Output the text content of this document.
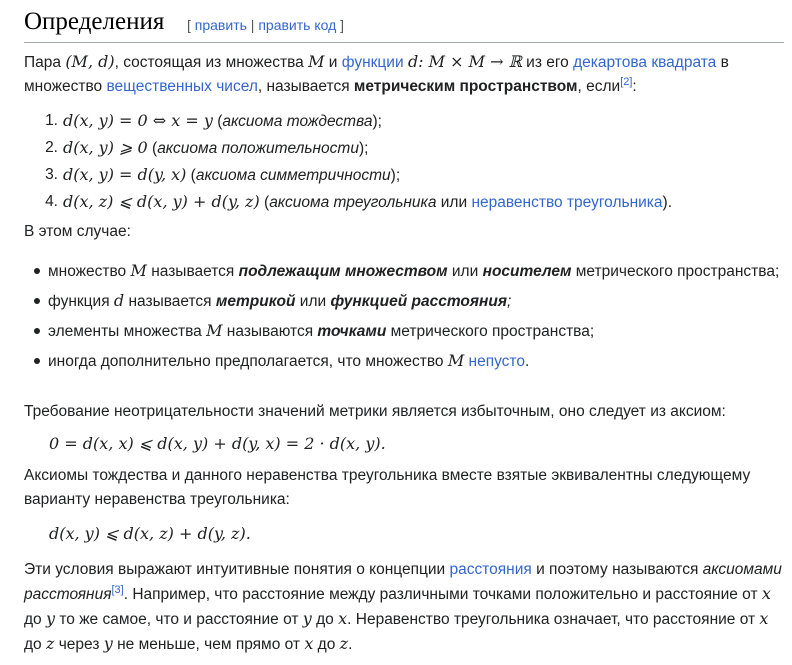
Определения [ править | править код ]

Пара (M, d), состоящая из множества M и функции d: M × M → ℝ из его декартова квадрата в множество вещественных чисел, называется метрическим пространством, если[2]:

1. d(x, y) = 0 ⇔ x = y (аксиома тождества);
2. d(x, y) ⩾ 0 (аксиома положительности);
3. d(x, y) = d(y, x) (аксиома симметричности);
4. d(x, z) ⩽ d(x, y) + d(y, z) (аксиома треугольника или неравенство треугольника).

В этом случае:

множество M называется подлежащим множеством или носителем метрического пространства;
функция d называется метрикой или функцией расстояния;
элементы множества M называются точками метрического пространства;
иногда дополнительно предполагается, что множество M непусто.

Требование неотрицательности значений метрики является избыточным, оно следует из аксиом:

0 = d(x, x) ⩽ d(x, y) + d(y, x) = 2 · d(x, y).

Аксиомы тождества и данного неравенства треугольника вместе взятые эквивалентны следующему варианту неравенства треугольника:

d(x, y) ⩽ d(x, z) + d(y, z).

Эти условия выражают интуитивные понятия о концепции расстояния и поэтому называются аксиомами расстояния[3]. Например, что расстояние между различными точками положительно и расстояние от x до y то же самое, что и расстояние от y до x. Неравенство треугольника означает, что расстояние от x до z через y не меньше, чем прямо от x до z.
